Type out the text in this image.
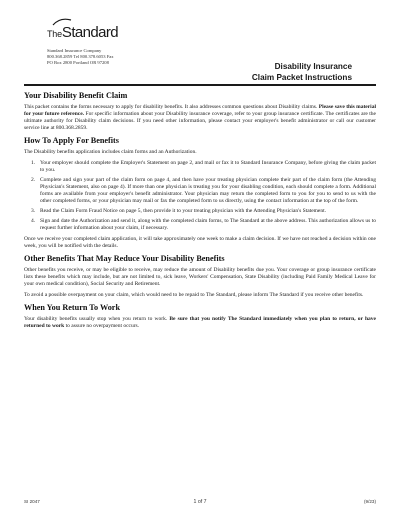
TheStandard
Standard Insurance Company
800.368.2859 Tel 800.378.6053 Fax
PO Box 2800 Portland OR 97208	Disability Insurance
Claim Packet Instructions
Your Disability Benefit Claim

This packet contains the forms necessary to apply for disability benefits. It also addresses common questions about Disability claims. Please save this material for your future reference. For specific information about your Disability insurance coverage, refer to your group insurance certificate. The certificates are the ultimate authority for Disability claim decisions. If you need other information, please contact your employer's benefit administrator or call our customer service line at 800.368.2859.

How To Apply For Benefits

The Disability benefits application includes claim forms and an Authorization.

1. Your employer should complete the Employer's Statement on page 2, and mail or fax it to Standard Insurance Company, before giving the claim packet to you.
2. Complete and sign your part of the claim form on page 4, and then have your treating physician complete their part of the claim form (the Attending Physician's Statement, also on page 4). If more than one physician is treating you for your disabling condition, each should complete a form. Additional forms are available from your employer's benefit administrator. Your physician may return the completed form to you for you to send to us with the other completed forms, or your physician may mail or fax the completed form to us directly, using the contact information at the top of the form.
3. Read the Claim Form Fraud Notice on page 5, then provide it to your treating physician with the Attending Physician's Statement.
4. Sign and date the Authorization and send it, along with the completed claim forms, to The Standard at the above address. This authorization allows us to request further information about your claim, if necessary.

Once we receive your completed claim application, it will take approximately one week to make a claim decision. If we have not reached a decision within one week, you will be notified with the details.

Other Benefits That May Reduce Your Disability Benefits

Other benefits you receive, or may be eligible to receive, may reduce the amount of Disability benefits due you. Your coverage or group insurance certificate lists these benefits which may include, but are not limited to, sick leave, Workers' Compensation, State Disability (including Paid Family Medical Leave for your own medical condition), Social Security and Retirement.

To avoid a possible overpayment on your claim, which would need to be repaid to The Standard, please inform The Standard if you receive other benefits.

When You Return To Work

Your disability benefits usually stop when you return to work. Be sure that you notify The Standard immediately when you plan to return, or have returned to work to assure no overpayment occurs.

SI 2047	1 of 7	(9/23)
